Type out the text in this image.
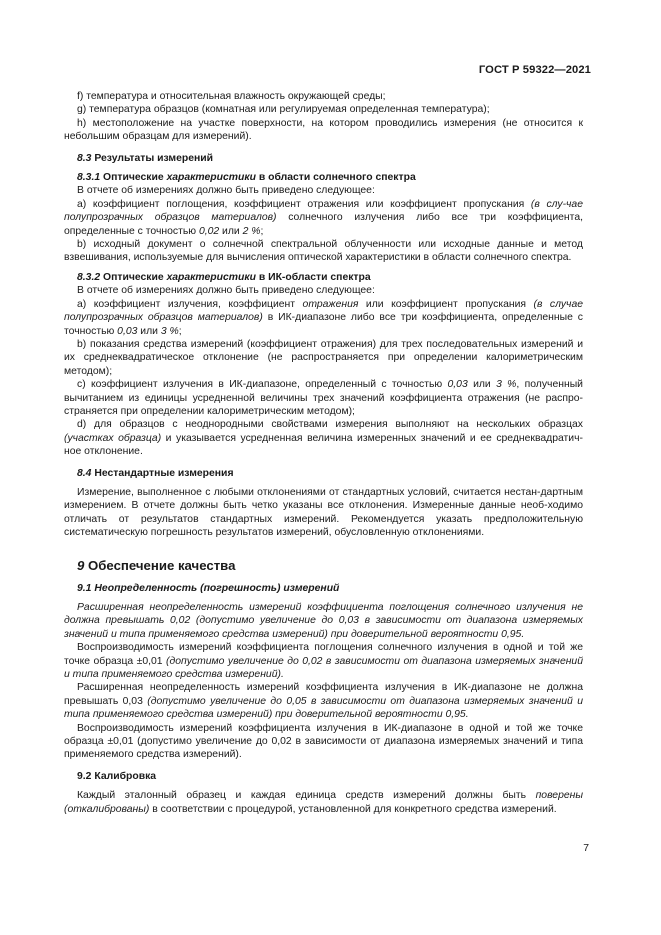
ГОСТ Р 59322—2021

f) температура и относительная влажность окружающей среды;

g) температура образцов (комнатная или регулируемая определенная температура);

h) местоположение на участке поверхности, на котором проводились измерения (не относится к небольшим образцам для измерений).

8.3 Результаты измерений

8.3.1 Оптические характеристики в области солнечного спектра

В отчете об измерениях должно быть приведено следующее:

a) коэффициент поглощения, коэффициент отражения или коэффициент пропускания (в слу-чае полупрозрачных образцов материалов) солнечного излучения либо все три коэффициента, определенные с точностью 0,02 или 2 %;

b) исходный документ о солнечной спектральной облученности или исходные данные и метод взвешивания, используемые для вычисления оптической характеристики в области солнечного спектра.

8.3.2 Оптические характеристики в ИК-области спектра

В отчете об измерениях должно быть приведено следующее:

a) коэффициент излучения, коэффициент отражения или коэффициент пропускания (в случае полупрозрачных образцов материалов) в ИК-диапазоне либо все три коэффициента, определенные с точностью 0,03 или 3 %;

b) показания средства измерений (коэффициент отражения) для трех последовательных измерений и их среднеквадратическое отклонение (не распространяется при определении калориметрическим методом);

c) коэффициент излучения в ИК-диапазоне, определенный с точностью 0,03 или 3 %, полученный вычитанием из единицы усредненной величины трех значений коэффициента отражения (не распро-страняется при определении калориметрическим методом);

d) для образцов с неоднородными свойствами измерения выполняют на нескольких образцах (участках образца) и указывается усредненная величина измеренных значений и ее среднеквадратич-ное отклонение.

8.4 Нестандартные измерения

Измерение, выполненное с любыми отклонениями от стандартных условий, считается нестан-дартным измерением. В отчете должны быть четко указаны все отклонения. Измеренные данные необ-ходимо отличать от результатов стандартных измерений. Рекомендуется указать предположительную систематическую погрешность результатов измерений, обусловленную отклонениями.

9 Обеспечение качества

9.1 Неопределенность (погрешность) измерений

Расширенная неопределенность измерений коэффициента поглощения солнечного излучения не должна превышать 0,02 (допустимо увеличение до 0,03 в зависимости от диапазона измеряемых значений и типа применяемого средства измерений) при доверительной вероятности 0,95.

Воспроизводимость измерений коэффициента поглощения солнечного излучения в одной и той же точке образца ±0,01 (допустимо увеличение до 0,02 в зависимости от диапазона измеряемых значений и типа применяемого средства измерений).

Расширенная неопределенность измерений коэффициента излучения в ИК-диапазоне не должна превышать 0,03 (допустимо увеличение до 0,05 в зависимости от диапазона измеряемых значений и типа применяемого средства измерений) при доверительной вероятности 0,95.

Воспроизводимость измерений коэффициента излучения в ИК-диапазоне в одной и той же точке образца ±0,01 (допустимо увеличение до 0,02 в зависимости от диапазона измеряемых значений и типа применяемого средства измерений).

9.2 Калибровка

Каждый эталонный образец и каждая единица средств измерений должны быть поверены (откалиброваны) в соответствии с процедурой, установленной для конкретного средства измерений.

7
